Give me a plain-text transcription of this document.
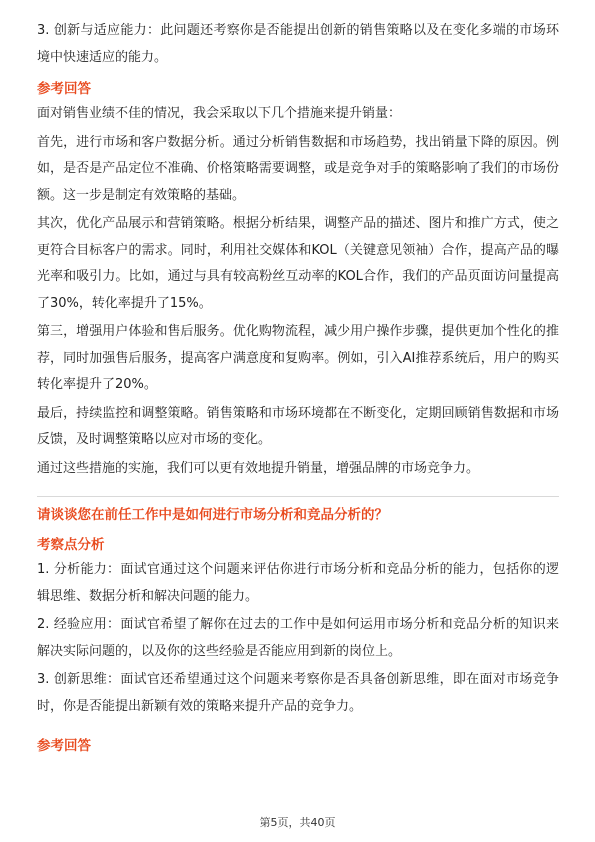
3. 创新与适应能力：此问题还考察你是否能提出创新的销售策略以及在变化多端的市场环境中快速适应的能力。

参考回答

面对销售业绩不佳的情况，我会采取以下几个措施来提升销量：

首先，进行市场和客户数据分析。通过分析销售数据和市场趋势，找出销量下降的原因。例如，是否是产品定位不准确、价格策略需要调整，或是竞争对手的策略影响了我们的市场份额。这一步是制定有效策略的基础。

其次，优化产品展示和营销策略。根据分析结果，调整产品的描述、图片和推广方式，使之更符合目标客户的需求。同时，利用社交媒体和KOL（关键意见领袖）合作，提高产品的曝光率和吸引力。比如，通过与具有较高粉丝互动率的KOL合作，我们的产品页面访问量提高了30%，转化率提升了15%。

第三，增强用户体验和售后服务。优化购物流程，减少用户操作步骤，提供更加个性化的推荐，同时加强售后服务，提高客户满意度和复购率。例如，引入AI推荐系统后，用户的购买转化率提升了20%。

最后，持续监控和调整策略。销售策略和市场环境都在不断变化，定期回顾销售数据和市场反馈，及时调整策略以应对市场的变化。

通过这些措施的实施，我们可以更有效地提升销量，增强品牌的市场竞争力。

请谈谈您在前任工作中是如何进行市场分析和竞品分析的？
考察点分析

1. 分析能力：面试官通过这个问题来评估你进行市场分析和竞品分析的能力，包括你的逻辑思维、数据分析和解决问题的能力。

2. 经验应用：面试官希望了解你在过去的工作中是如何运用市场分析和竞品分析的知识来解决实际问题的，以及你的这些经验是否能应用到新的岗位上。

3. 创新思维：面试官还希望通过这个问题来考察你是否具备创新思维，即在面对市场竞争时，你是否能提出新颖有效的策略来提升产品的竞争力。

参考回答
第5页，共40页
